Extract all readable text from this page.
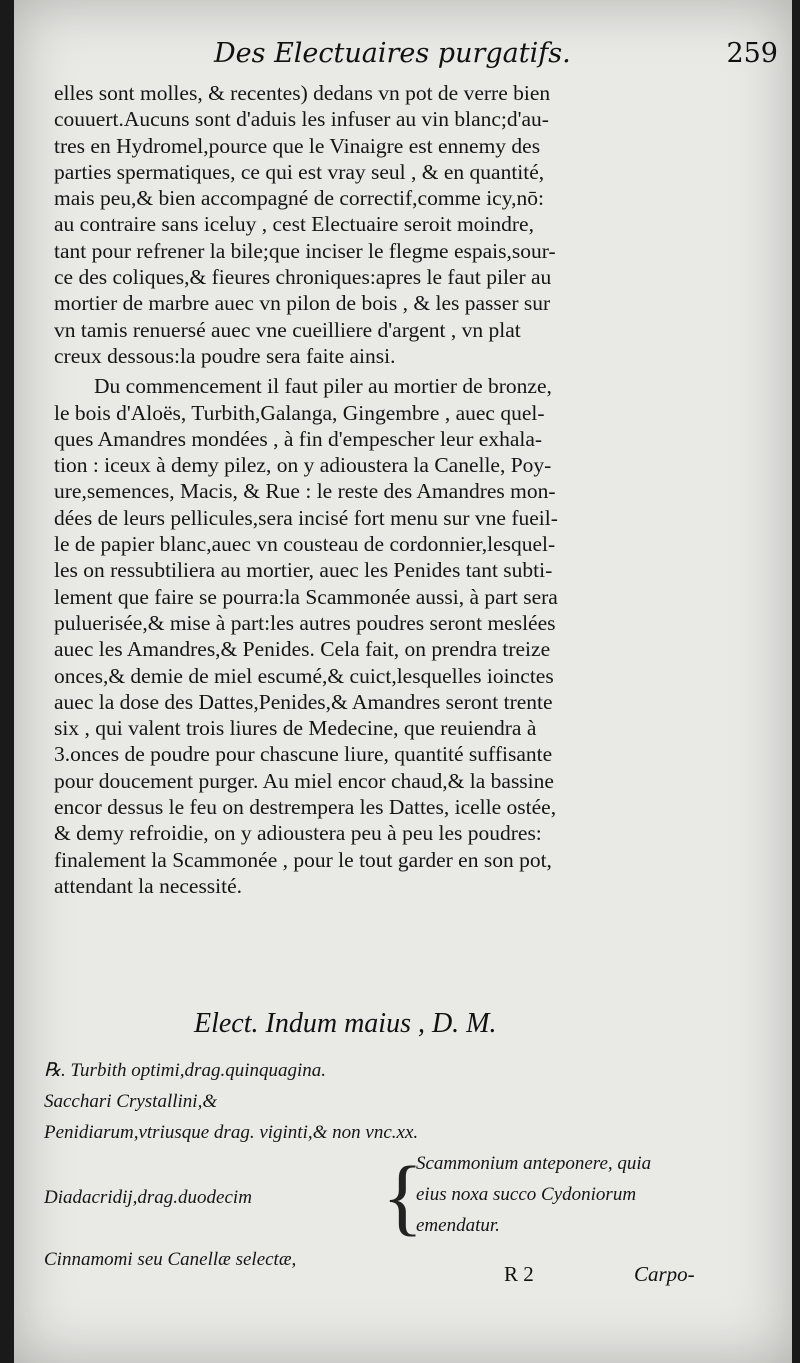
Des Electuaires purgatifs.	259

elles sont molles, & recentes) dedans vn pot de verre bien
couuert.Aucuns sont d'aduis les infuser au vin blanc;d'au-
tres en Hydromel,pource que le Vinaigre est ennemy des
parties spermatiques, ce qui est vray seul , & en quantité,
mais peu,& bien accompagné de correctif,comme icy,nō:
au contraire sans iceluy , cest Electuaire seroit moindre,
tant pour refrener la bile;que inciser le flegme espais,sour-
ce des coliques,& fieures chroniques:apres le faut piler au
mortier de marbre auec vn pilon de bois , & les passer sur
vn tamis renuersé auec vne cueilliere d'argent , vn plat
creux dessous:la poudre sera faite ainsi.

Du commencement il faut piler au mortier de bronze,
le bois d'Aloës, Turbith,Galanga, Gingembre , auec quel-
ques Amandres mondées , à fin d'empescher leur exhala-
tion : iceux à demy pilez, on y adioustera la Canelle, Poy-
ure,semences, Macis, & Rue : le reste des Amandres mon-
dées de leurs pellicules,sera incisé fort menu sur vne fueil-
le de papier blanc,auec vn cousteau de cordonnier,lesquel-
les on ressubtiliera au mortier, auec les Penides tant subti-
lement que faire se pourra:la Scammonée aussi, à part sera
puluerisée,& mise à part:les autres poudres seront meslées
auec les Amandres,& Penides. Cela fait, on prendra treize
onces,& demie de miel escumé,& cuict,lesquelles ioinctes
auec la dose des Dattes,Penides,& Amandres seront trente
six , qui valent trois liures de Medecine, que reuiendra à
3.onces de poudre pour chascune liure, quantité suffisante
pour doucement purger. Au miel encor chaud,& la bassine
encor dessus le feu on destrempera les Dattes, icelle ostée,
& demy refroidie, on y adioustera peu à peu les poudres:
finalement la Scammonée , pour le tout garder en son pot,
attendant la necessité.

Elect. Indum maius , D. M.
℞. Turbith optimi,drag.quinquagina.
Sacchari Crystallini,&
Penidiarum,vtriusque drag. viginti,& non vnc.xx.
Diadacridij,drag.duodecim {
Scammonium anteponere, quia
eius noxa succo Cydoniorum
emendatur.
Cinnamomi seu Canellæ selectæ,
R 2	Carpo-
